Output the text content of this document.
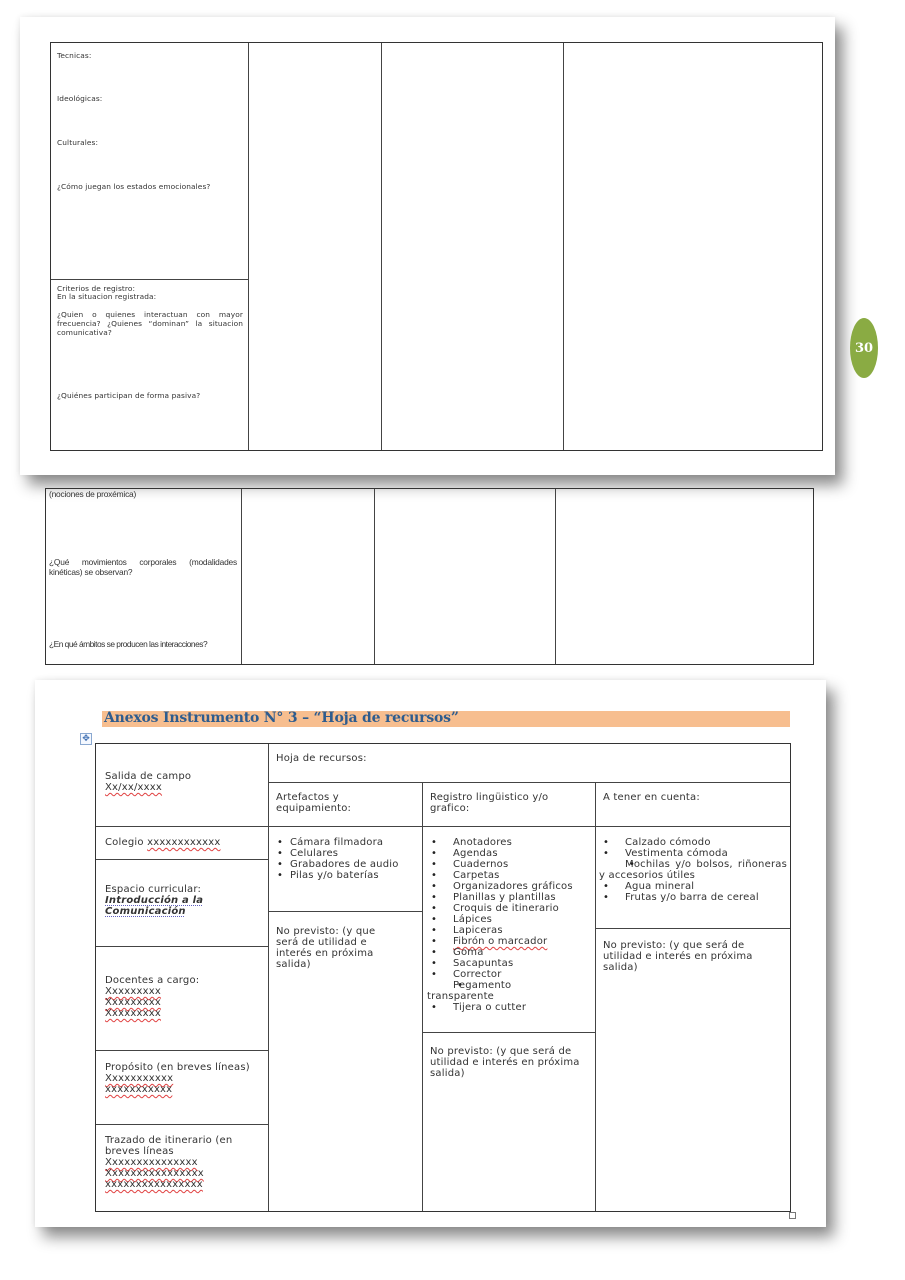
Tecnicas:
Ideológicas:
Culturales:
¿Cómo juegan los estados emocionales?
Criterios de registro:
En la situacion registrada:
¿Quien o quienes interactuan con mayor frecuencia? ¿Quienes “dominan” la situacion comunicativa?
¿Quiénes participan de forma pasiva?
30
(nociones de proxémica)
¿Qué movimientos corporales (modalidades kinéticas) se observan?
¿En qué ámbitos se producen las interacciones?
Anexos Instrumento N° 3 – “Hoja de recursos”
✥
Salida de campo
Xx/xx/xxxx
Hoja de recursos:
Artefactos y equipamiento:
Registro lingüistico y/o grafico:
A tener en cuenta:
Colegio xxxxxxxxxxxx
Espacio curricular:
Introducción a la Comunicación
Docentes a cargo:
Xxxxxxxxx
Xxxxxxxxx
Xxxxxxxxx
Propósito (en breves líneas)
Xxxxxxxxxxx
xxxxxxxxxxx
Trazado de itinerario (en breves líneas
Xxxxxxxxxxxxxxx
Xxxxxxxxxxxxxxxx
xxxxxxxxxxxxxxxx
• Cámara filmadora
• Celulares
• Grabadores de audio
• Pilas y/o baterías
No previsto: (y que será de utilidad e interés en próxima salida)
• Anotadores
• Agendas
• Cuadernos
• Carpetas
• Organizadores gráficos
• Planillas y plantillas
• Croquis de itinerario
• Lápices
• Lapiceras
• Fibrón o marcador
• Goma
• Sacapuntas
• Corrector
• Pegamento transparente
• Tijera o cutter
No previsto: (y que será de utilidad e interés en próxima salida)
• Calzado cómodo
• Vestimenta cómoda
• Mochilas y/o bolsos, riñoneras y accesorios útiles
• Agua mineral
• Frutas y/o barra de cereal
No previsto: (y que será de utilidad e interés en próxima salida)
